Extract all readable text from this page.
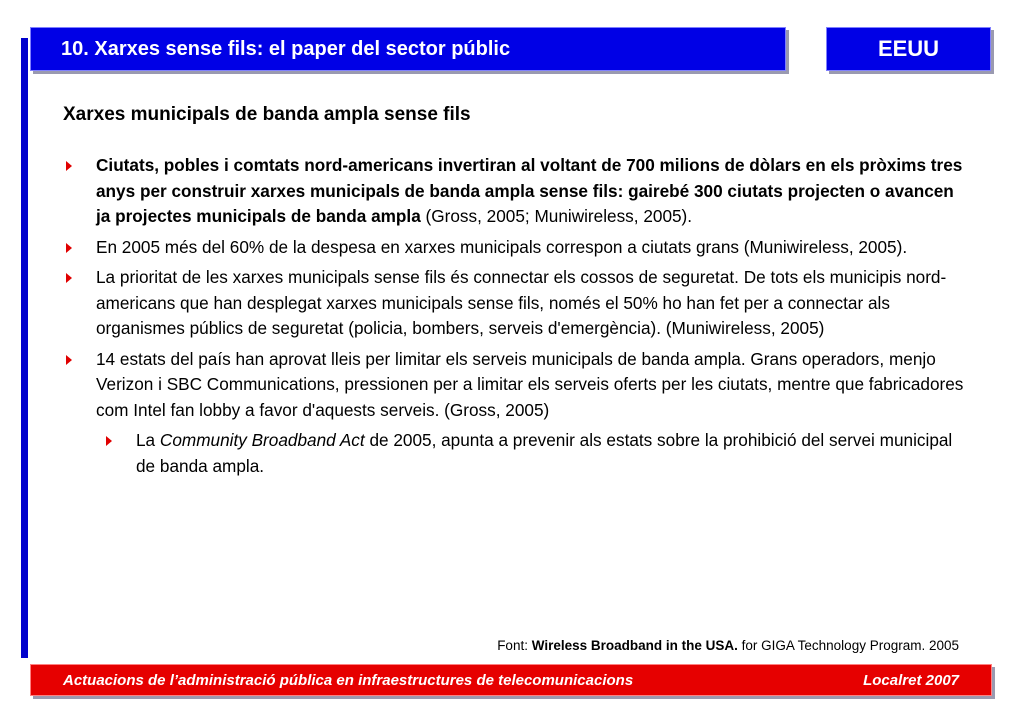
10. Xarxes sense fils: el paper del sector públic	EEUU
Xarxes municipals de banda ampla sense fils
Ciutats, pobles i comtats nord-americans invertiran al voltant de 700 milions de dòlars en els pròxims tres anys per construir xarxes municipals de banda ampla sense fils: gairebé 300 ciutats projecten o avancen ja projectes municipals de banda ampla (Gross, 2005; Muniwireless, 2005).
En 2005 més del 60% de la despesa en xarxes municipals correspon a ciutats grans (Muniwireless, 2005).
La prioritat de les xarxes municipals sense fils és connectar els cossos de seguretat. De tots els municipis nord-americans que han desplegat xarxes municipals sense fils, només el 50% ho han fet per a connectar als organismes públics de seguretat (policia, bombers, serveis d'emergència). (Muniwireless, 2005)
14 estats del país han aprovat lleis per limitar els serveis municipals de banda ampla. Grans operadors, menjo Verizon i SBC Communications, pressionen per a limitar els serveis oferts per les ciutats, mentre que fabricadores com Intel fan lobby a favor d'aquests serveis. (Gross, 2005)
La Community Broadband Act de 2005, apunta a prevenir als estats sobre la prohibició del servei municipal de banda ampla.
Font: Wireless Broadband in the USA. for GIGA Technology Program. 2005
Actuacions de l’administració pública en infraestructures de telecomunicacions	Localret 2007
